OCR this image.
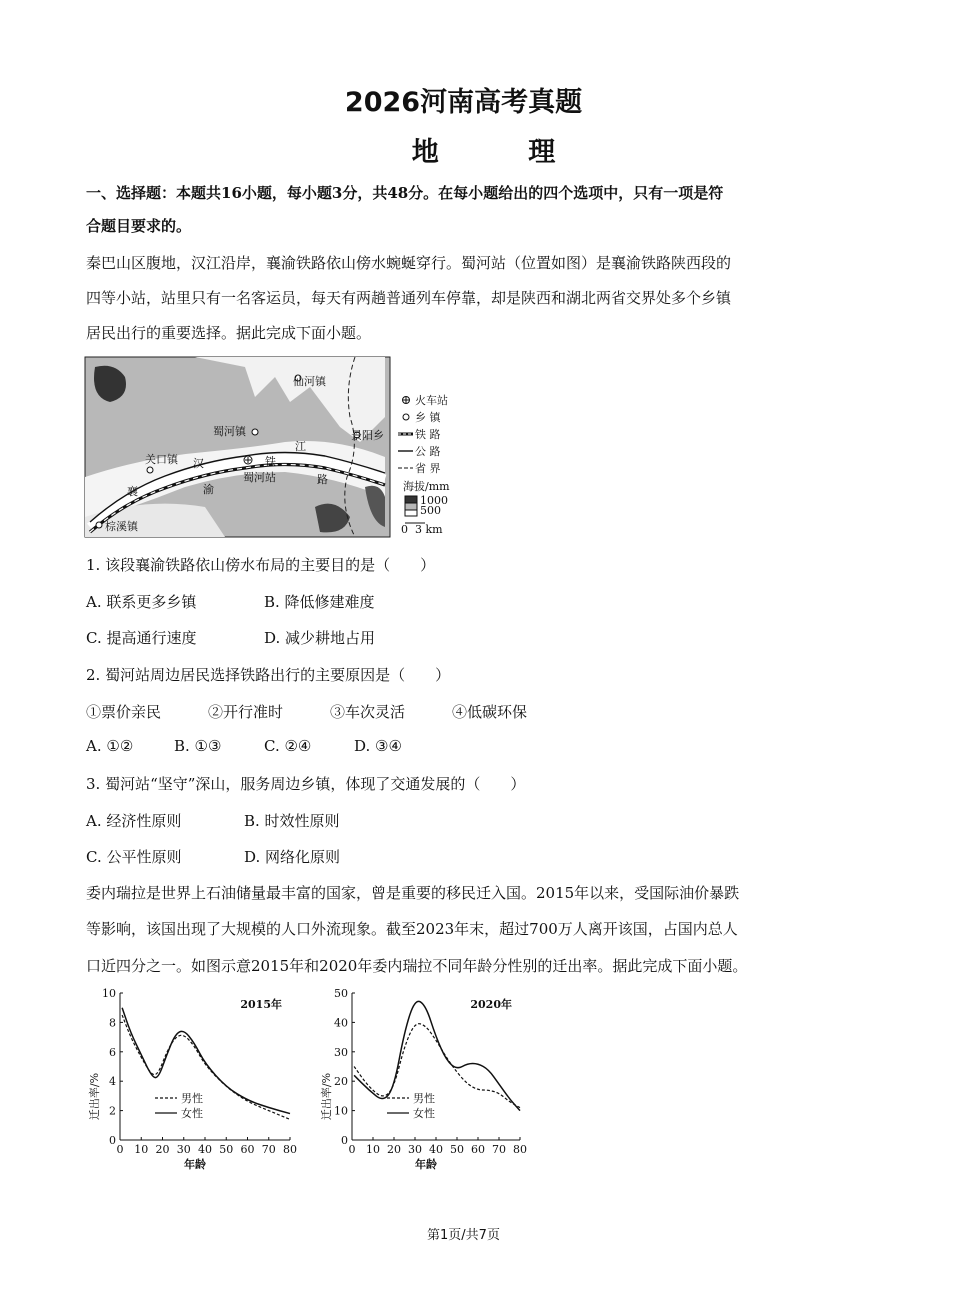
2026河南高考真题
地 理
一、选择题：本题共16小题，每小题3分，共48分。在每小题给出的四个选项中，只有一项是符
合题目要求的。
秦巴山区腹地，汉江沿岸，襄渝铁路依山傍水蜿蜒穿行。蜀河站（位置如图）是襄渝铁路陕西段的
四等小站，站里只有一名客运员，每天有两趟普通列车停靠，却是陕西和湖北两省交界处多个乡镇
居民出行的重要选择。据此完成下面小题。
仙河镇
蜀河镇
关口镇
蜀河站
景阳乡
棕溪镇
汉
江
铁
路
襄	渝
火车站
乡 镇
铁 路
公 路
省 界
海拔/mm
1000
500
0 3 km
1. 该段襄渝铁路依山傍水布局的主要目的是（　　）
A. 联系更多乡镇	B. 降低修建难度
C. 提高通行速度	D. 减少耕地占用
2. 蜀河站周边居民选择铁路出行的主要原因是（　　）
①票价亲民	②开行准时	③车次灵活	④低碳环保
A. ①②	B. ①③	C. ②④	D. ③④
3. 蜀河站“坚守”深山，服务周边乡镇，体现了交通发展的（　　）
A. 经济性原则	B. 时效性原则
C. 公平性原则	D. 网络化原则
委内瑞拉是世界上石油储量最丰富的国家，曾是重要的移民迁入国。2015年以来，受国际油价暴跌
等影响，该国出现了大规模的人口外流现象。截至2023年末，超过700万人离开该国，占国内总人
口近四分之一。如图示意2015年和2020年委内瑞拉不同年龄分性别的迁出率。据此完成下面小题。
0
2
4
6
8
10
0 10 20 30 40 50 60 70 80
2015年
年龄
迁出率/%	男性
女性
0
10
20
30
40
50
0 10 20 30 40 50 60 70 80
2020年
年龄
迁出率/%	男性
女性
第1页/共7页
